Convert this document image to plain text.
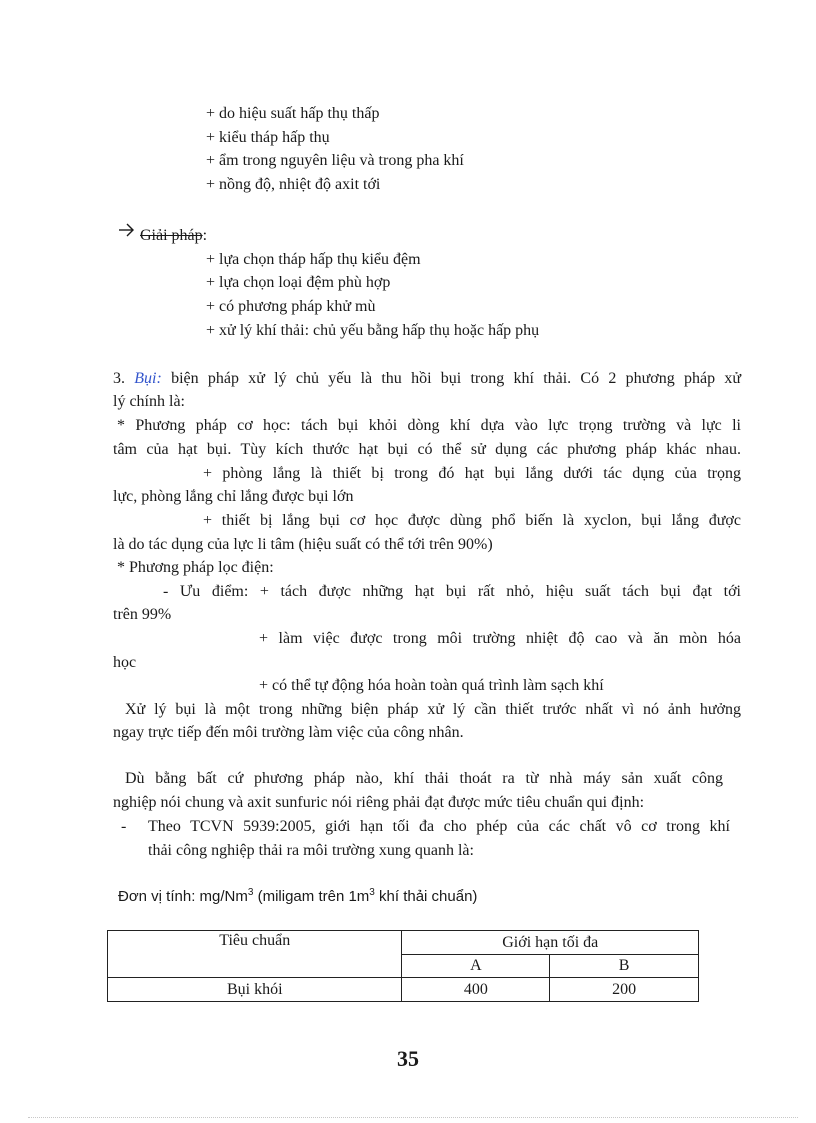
+ do hiệu suất hấp thụ thấp
+ kiểu tháp hấp thụ
+ ẩm trong nguyên liệu và trong pha khí
+ nồng độ, nhiệt độ axit tới
Giải pháp:
+ lựa chọn tháp hấp thụ kiểu đệm
+ lựa chọn loại đệm phù hợp
+ có phương pháp khử mù
+ xử lý khí thải: chủ yếu bằng hấp thụ hoặc hấp phụ
3. Bụi: biện pháp xử lý chủ yếu là thu hồi bụi trong khí thải. Có 2 phương pháp xử
lý chính là:
* Phương pháp cơ học: tách bụi khỏi dòng khí dựa vào lực trọng trường và lực li
tâm của hạt bụi. Tùy kích thước hạt bụi có thể sử dụng các phương pháp khác nhau.
+ phòng lắng là thiết bị trong đó hạt bụi lắng dưới tác dụng của trọng
lực, phòng lắng chỉ lắng được bụi lớn
+ thiết bị lắng bụi cơ học được dùng phổ biến là xyclon, bụi lắng được
là do tác dụng của lực li tâm (hiệu suất có thể tới trên 90%)
* Phương pháp lọc điện:
- Ưu điểm: + tách được những hạt bụi rất nhỏ, hiệu suất tách bụi đạt tới
trên 99%
+ làm việc được trong môi trường nhiệt độ cao và ăn mòn hóa
học
+ có thể tự động hóa hoàn toàn quá trình làm sạch khí
Xử lý bụi là một trong những biện pháp xử lý cần thiết trước nhất vì nó ảnh hưởng
ngay trực tiếp đến môi trường làm việc của công nhân.
Dù bằng bất cứ phương pháp nào, khí thải thoát ra từ nhà máy sản xuất công
nghiệp nói chung và axit sunfuric nói riêng phải đạt được mức tiêu chuẩn qui định:
- Theo TCVN 5939:2005, giới hạn tối đa cho phép của các chất vô cơ trong khí
thải công nghiệp thải ra môi trường xung quanh là:
Đơn vị tính: mg/Nm$^3$ (miligam trên $1m^3$ khí thải chuẩn)
Tiêu chuẩn	Giới hạn tối đa	
	A	B
Bụi khói	400	200
35
